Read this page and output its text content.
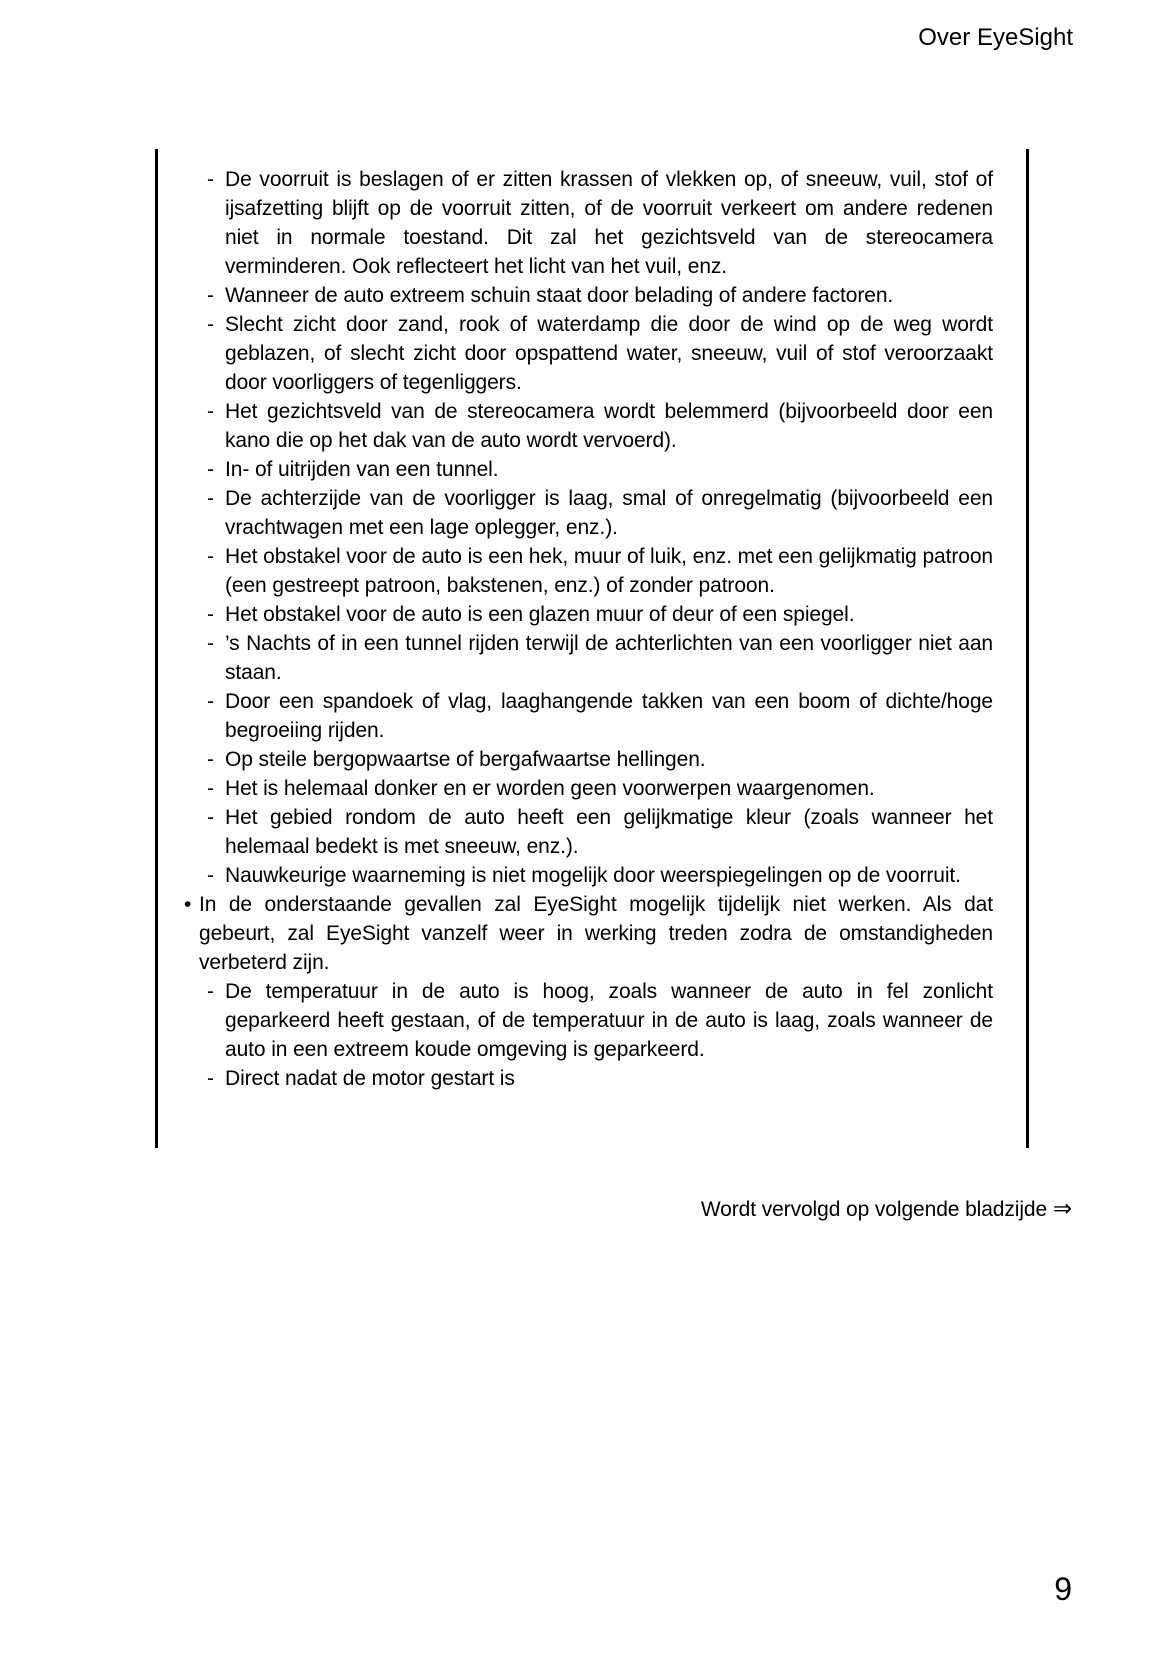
Over EyeSight
- De voorruit is beslagen of er zitten krassen of vlekken op, of sneeuw, vuil, stof of ijsafzetting blijft op de voorruit zitten, of de voorruit verkeert om andere redenen niet in normale toestand. Dit zal het gezichtsveld van de stereocamera verminderen. Ook reflecteert het licht van het vuil, enz.
- Wanneer de auto extreem schuin staat door belading of andere factoren.
- Slecht zicht door zand, rook of waterdamp die door de wind op de weg wordt geblazen, of slecht zicht door opspattend water, sneeuw, vuil of stof veroorzaakt door voorliggers of tegenliggers.
- Het gezichtsveld van de stereocamera wordt belemmerd (bijvoorbeeld door een kano die op het dak van de auto wordt vervoerd).
- In- of uitrijden van een tunnel.
- De achterzijde van de voorligger is laag, smal of onregelmatig (bijvoorbeeld een vrachtwagen met een lage oplegger, enz.).
- Het obstakel voor de auto is een hek, muur of luik, enz. met een gelijkmatig patroon (een gestreept patroon, bakstenen, enz.) of zonder patroon.
- Het obstakel voor de auto is een glazen muur of deur of een spiegel.
- ’s Nachts of in een tunnel rijden terwijl de achterlichten van een voorligger niet aan staan.
- Door een spandoek of vlag, laaghangende takken van een boom of dichte/hoge begroeiing rijden.
- Op steile bergopwaartse of bergafwaartse hellingen.
- Het is helemaal donker en er worden geen voorwerpen waargenomen.
- Het gebied rondom de auto heeft een gelijkmatige kleur (zoals wanneer het helemaal bedekt is met sneeuw, enz.).
- Nauwkeurige waarneming is niet mogelijk door weerspiegelingen op de voorruit.
• In de onderstaande gevallen zal EyeSight mogelijk tijdelijk niet werken. Als dat gebeurt, zal EyeSight vanzelf weer in werking treden zodra de omstandigheden verbeterd zijn.
- De temperatuur in de auto is hoog, zoals wanneer de auto in fel zonlicht geparkeerd heeft gestaan, of de temperatuur in de auto is laag, zoals wanneer de auto in een extreem koude omgeving is geparkeerd.
- Direct nadat de motor gestart is
Wordt vervolgd op volgende bladzijde ⇒
9
